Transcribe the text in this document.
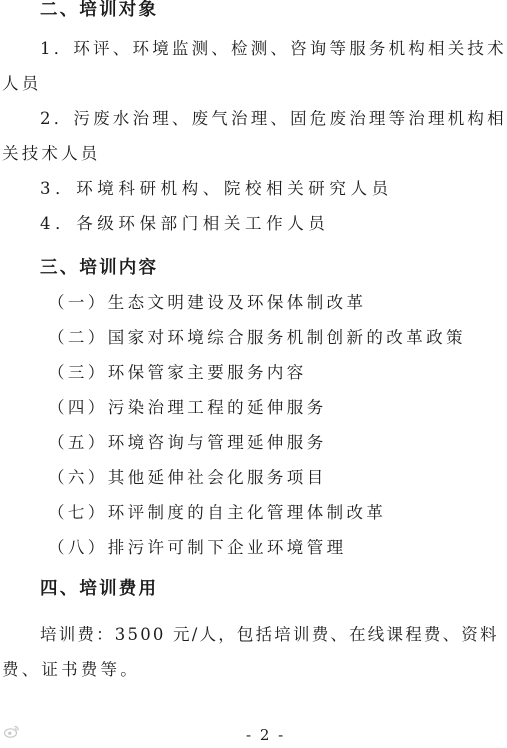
二、培训对象
1．环评、环境监测、检测、咨询等服务机构相关技术
人员
2．污废水治理、废气治理、固危废治理等治理机构相
关技术人员
3．环境科研机构、院校相关研究人员
4．各级环保部门相关工作人员
三、培训内容
（一）生态文明建设及环保体制改革
（二）国家对环境综合服务机制创新的改革政策
（三）环保管家主要服务内容
（四）污染治理工程的延伸服务
（五）环境咨询与管理延伸服务
（六）其他延伸社会化服务项目
（七）环评制度的自主化管理体制改革
（八）排污许可制下企业环境管理
四、培训费用
培训费：3500 元/人，包括培训费、在线课程费、资料
费、证书费等。
- 2 -
